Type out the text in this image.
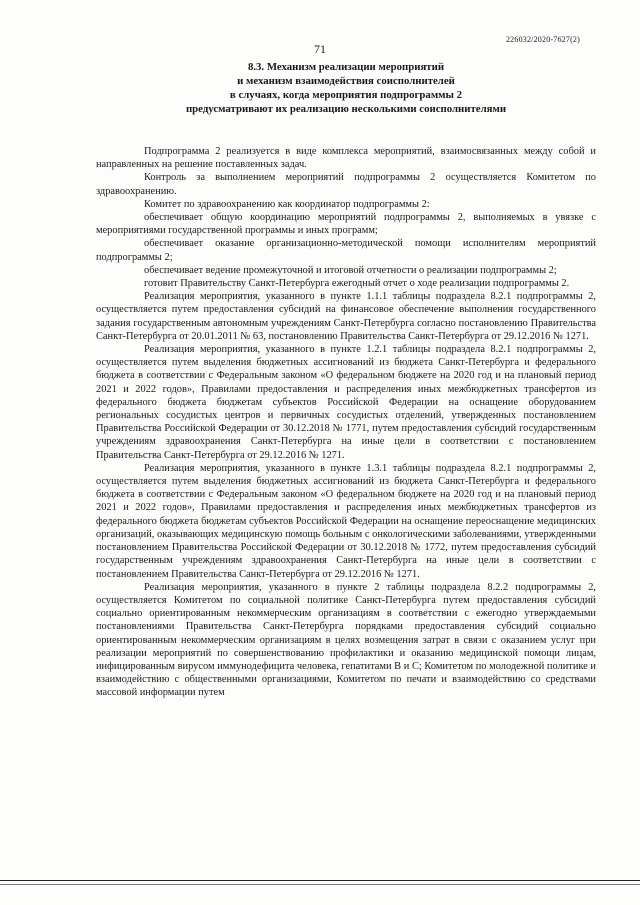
226032/2020-7627(2)
71
8.3. Механизм реализации мероприятий
и механизм взаимодействия соисполнителей
в случаях, когда мероприятия подпрограммы 2
предусматривают их реализацию несколькими соисполнителями

Подпрограмма 2 реализуется в виде комплекса мероприятий, взаимосвязанных между собой и направленных на решение поставленных задач.

Контроль за выполнением мероприятий подпрограммы 2 осуществляется Комитетом по здравоохранению.

Комитет по здравоохранению как координатор подпрограммы 2:

обеспечивает общую координацию мероприятий подпрограммы 2, выполняемых в увязке с мероприятиями государственной программы и иных программ;

обеспечивает оказание организационно-методической помощи исполнителям мероприятий подпрограммы 2;

обеспечивает ведение промежуточной и итоговой отчетности о реализации подпрограммы 2;

готовит Правительству Санкт-Петербурга ежегодный отчет о ходе реализации подпрограммы 2.

Реализация мероприятия, указанного в пункте 1.1.1 таблицы подраздела 8.2.1 подпрограммы 2, осуществляется путем предоставления субсидий на финансовое обеспечение выполнения государственного задания государственным автономным учреждениям Санкт-Петербурга согласно постановлению Правительства Санкт-Петербурга от 20.01.2011 № 63, постановлению Правительства Санкт-Петербурга от 29.12.2016 № 1271.

Реализация мероприятия, указанного в пункте 1.2.1 таблицы подраздела 8.2.1 подпрограммы 2, осуществляется путем выделения бюджетных ассигнований из бюджета Санкт-Петербурга и федерального бюджета в соответствии с Федеральным законом «О федеральном бюджете на 2020 год и на плановый период 2021 и 2022 годов», Правилами предоставления и распределения иных межбюджетных трансфертов из федерального бюджета бюджетам субъектов Российской Федерации на оснащение оборудованием региональных сосудистых центров и первичных сосудистых отделений, утвержденных постановлением Правительства Российской Федерации от 30.12.2018 № 1771, путем предоставления субсидий государственным учреждениям здравоохранения Санкт-Петербурга на иные цели в соответствии с постановлением Правительства Санкт-Петербурга от 29.12.2016 № 1271.

Реализация мероприятия, указанного в пункте 1.3.1 таблицы подраздела 8.2.1 подпрограммы 2, осуществляется путем выделения бюджетных ассигнований из бюджета Санкт-Петербурга и федерального бюджета в соответствии с Федеральным законом «О федеральном бюджете на 2020 год и на плановый период 2021 и 2022 годов», Правилами предоставления и распределения иных межбюджетных трансфертов из федерального бюджета бюджетам субъектов Российской Федерации на оснащение переоснащение медицинских организаций, оказывающих медицинскую помощь больным с онкологическими заболеваниями, утвержденными постановлением Правительства Российской Федерации от 30.12.2018 № 1772, путем предоставления субсидий государственным учреждениям здравоохранения Санкт-Петербурга на иные цели в соответствии с постановлением Правительства Санкт-Петербурга от 29.12.2016 № 1271.

Реализация мероприятия, указанного в пункте 2 таблицы подраздела 8.2.2 подпрограммы 2, осуществляется Комитетом по социальной политике Санкт-Петербурга путем предоставления субсидий социально ориентированным некоммерческим организациям в соответствии с ежегодно утверждаемыми постановлениями Правительства Санкт-Петербурга порядками предоставления субсидий социально ориентированным некоммерческим организациям в целях возмещения затрат в связи с оказанием услуг при реализации мероприятий по совершенствованию профилактики и оказанию медицинской помощи лицам, инфицированным вирусом иммунодефицита человека, гепатитами В и С; Комитетом по молодежной политике и взаимодействию с общественными организациями, Комитетом по печати и взаимодействию со средствами массовой информации путем
